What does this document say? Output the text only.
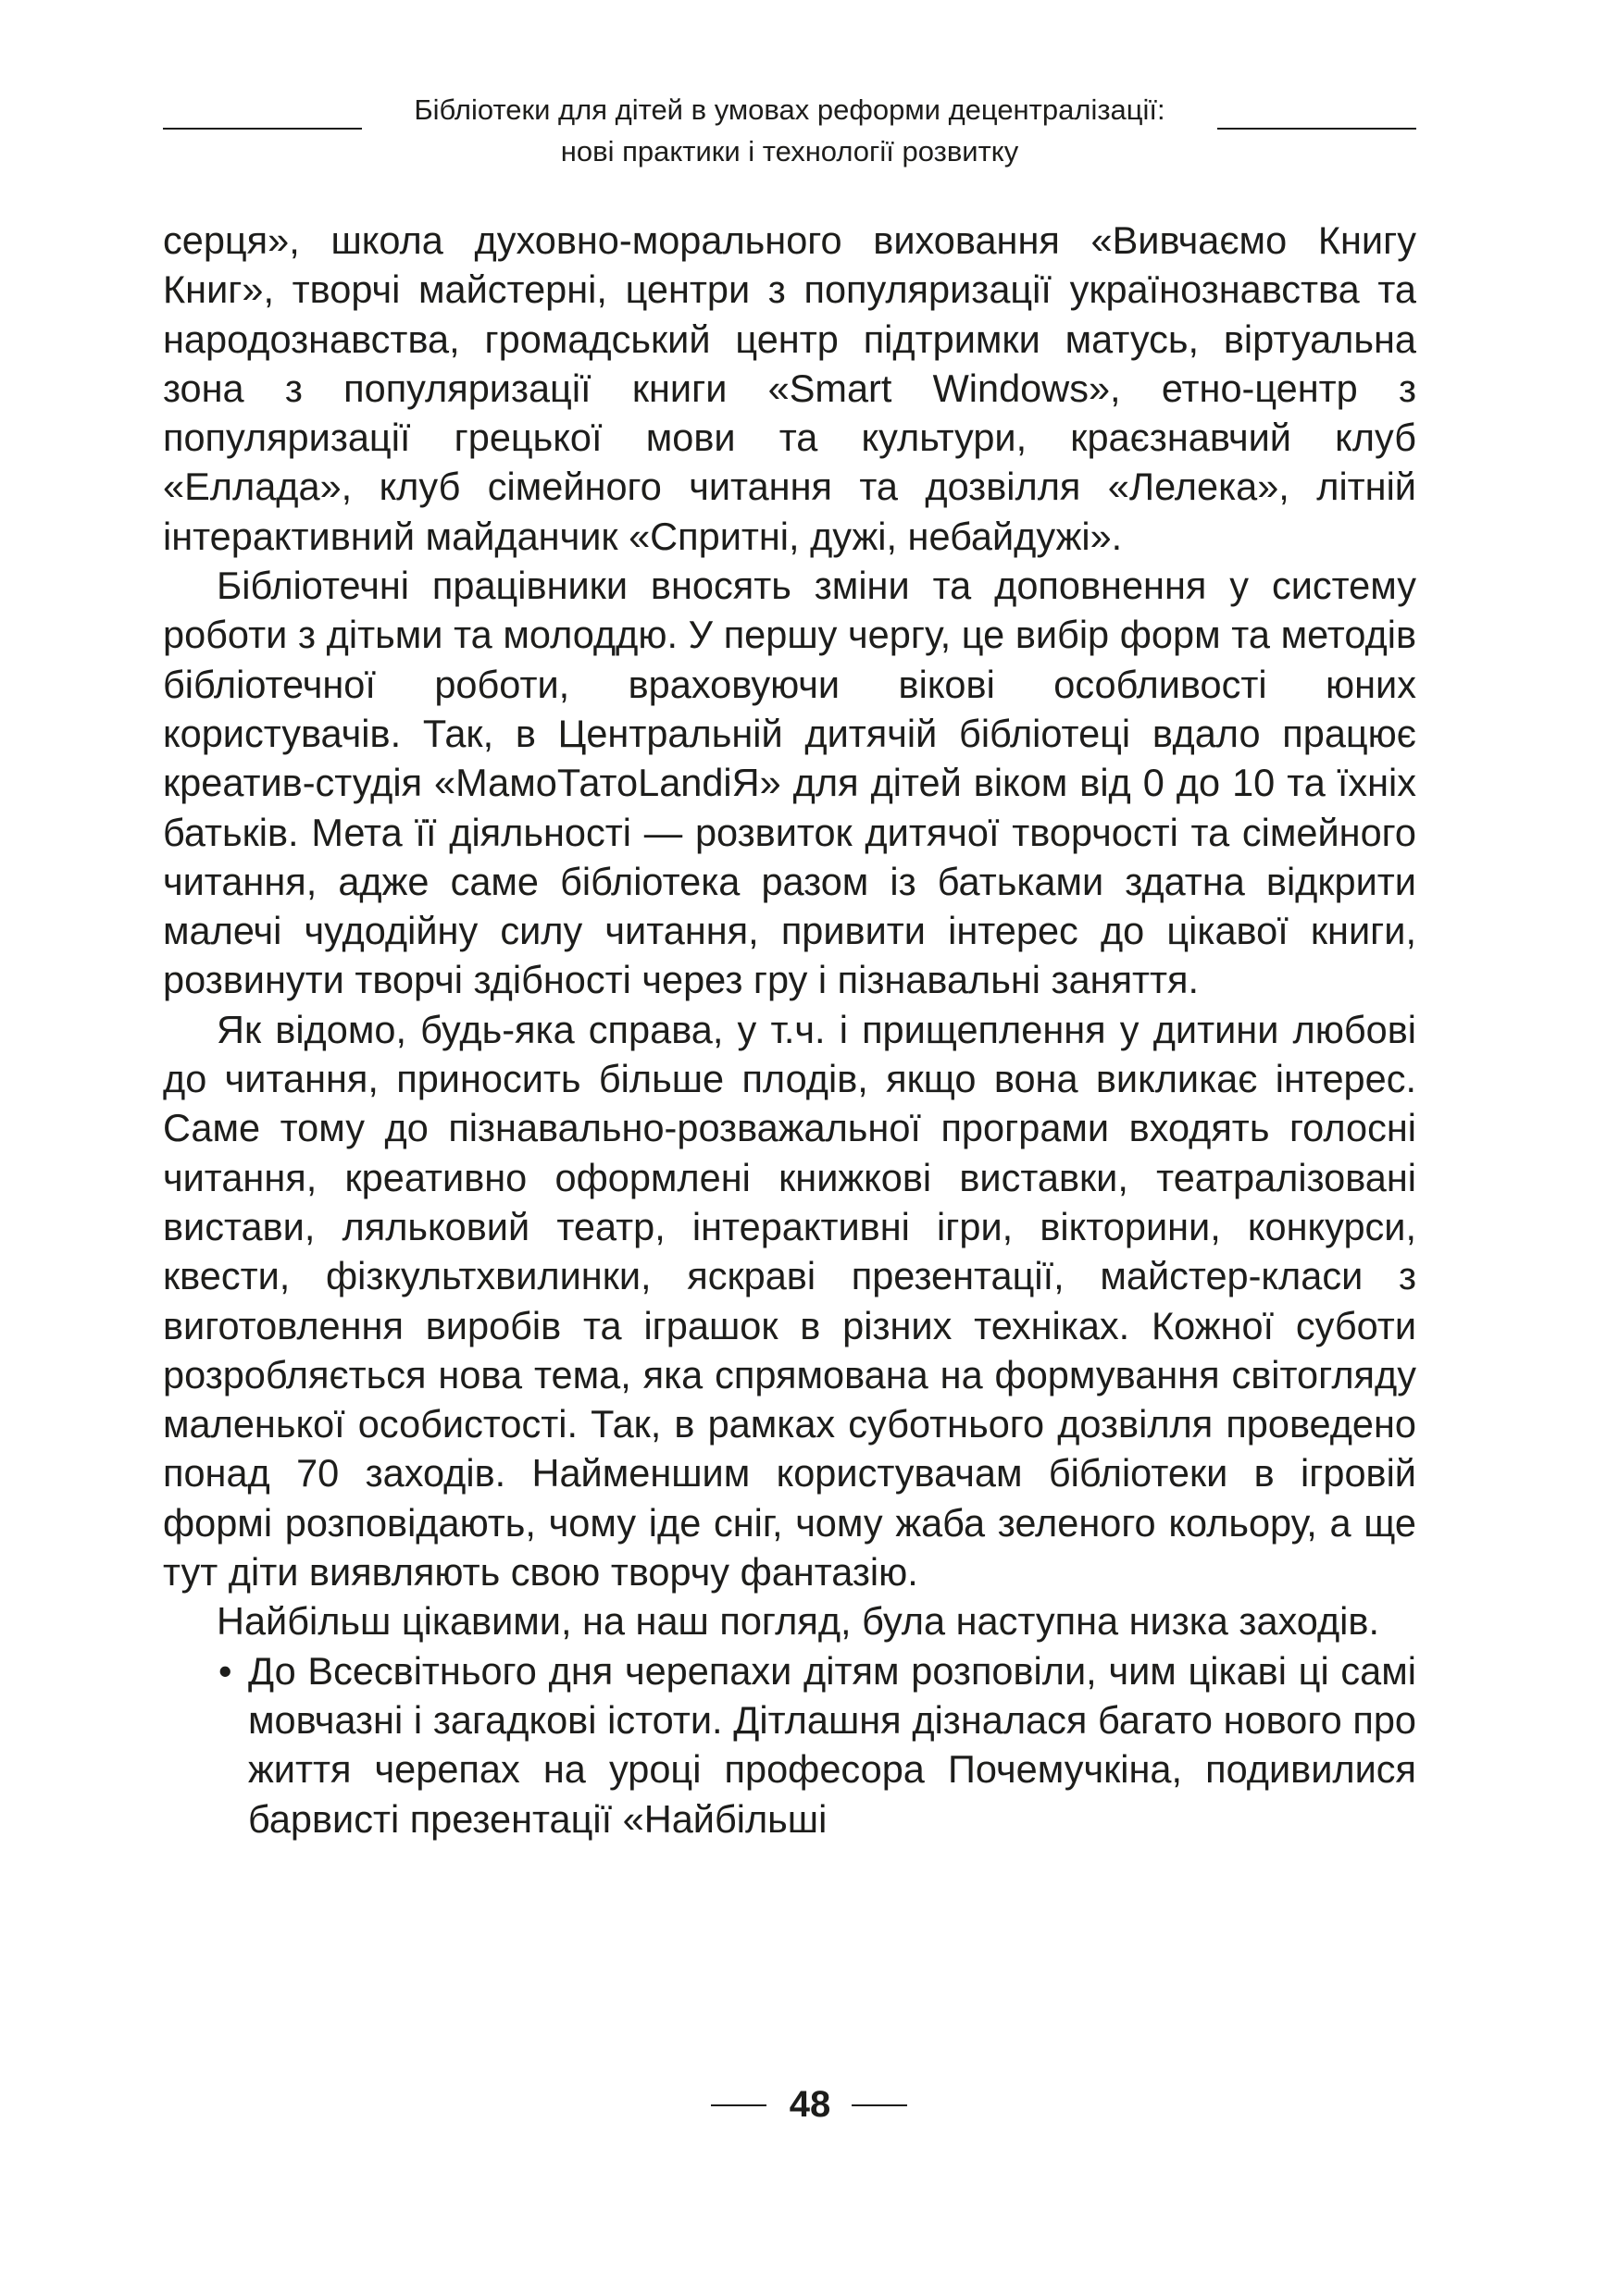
Бібліотеки для дітей в умовах реформи децентралізації:
нові практики і технології розвитку

серця», школа духовно-морального виховання «Вивчаємо Книгу Книг», творчі майстерні, центри з популяризації українознавства та народознавства, громадський центр підтримки матусь, віртуальна зона з популяризації книги «Smart Windows», етно-центр з популяризації грецької мови та культури, краєзнавчий клуб «Еллада», клуб сімейного читання та дозвілля «Лелека», літній інтерактивний майданчик «Спритні, дужі, небайдужі».

Бібліотечні працівники вносять зміни та доповнення у систему роботи з дітьми та молоддю. У першу чергу, це вибір форм та методів бібліотечної роботи, враховуючи вікові особливості юних користувачів. Так, в Центральній дитячій бібліотеці вдало працює креатив-студія «МамоТатоLandiЯ» для дітей віком від 0 до 10 та їхніх батьків. Мета її діяльності — розвиток дитячої творчості та сімейного читання, адже саме бібліотека разом із батьками здатна відкрити малечі чудодійну силу читання, привити інтерес до цікавої книги, розвинути творчі здібності через гру і пізнавальні заняття.

Як відомо, будь-яка справа, у т.ч. і прищеплення у дитини любові до читання, приносить більше плодів, якщо вона викликає інтерес. Саме тому до пізнавально-розважальної програми входять голосні читання, креативно оформлені книжкові виставки, театралізовані вистави, ляльковий театр, інтерактивні ігри, вікторини, конкурси, квести, фізкультхвилинки, яскраві презентації, майстер-класи з виготовлення виробів та іграшок в різних техніках. Кожної суботи розробляється нова тема, яка спрямована на формування світогляду маленької особистості. Так, в рамках суботнього дозвілля проведено понад 70 заходів. Найменшим користувачам бібліотеки в ігровій формі розповідають, чому іде сніг, чому жаба зеленого кольору, а ще тут діти виявляють свою творчу фантазію.

Найбільш цікавими, на наш погляд, була наступна низка заходів.

• До Всесвітнього дня черепахи дітям розповіли, чим цікаві ці самі мовчазні і загадкові істоти. Дітлашня дізналася багато нового про життя черепах на уроці професора Почемучкіна, подивилися барвисті презентації «Найбільші
48
